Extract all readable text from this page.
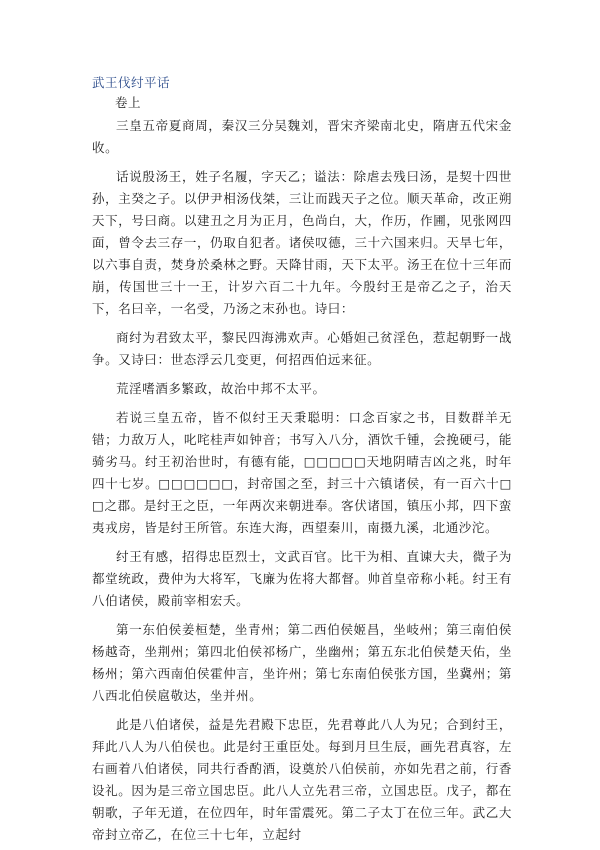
武王伐纣平话
卷上

三皇五帝夏商周，秦汉三分吴魏刘，晋宋齐梁南北史，隋唐五代宋金收。

话说殷汤王，姓子名履，字天乙；谥法：除虐去残曰汤，是契十四世孙，主癸之子。以伊尹相汤伐桀，三让而践天子之位。顺天革命，改正朔天下，号曰商。以建丑之月为正月，色尚白，大，作历，作圃，见张网四面，曾令去三存一，仍取自犯者。诸侯叹德，三十六国来归。天旱七年，以六事自责，焚身於桑林之野。天降甘雨，天下太平。汤王在位十三年而崩，传国世三十一王，计岁六百二十九年。今殷纣王是帝乙之子，治天下，名曰辛，一名受，乃汤之末孙也。诗曰：

商纣为君致太平，黎民四海沸欢声。心婚妲己贫淫色，惹起朝野一战争。又诗曰：世态浮云几变更，何招西伯远来征。

荒淫嗜酒多繁政，故治中邦不太平。

若说三皇五帝，皆不似纣王天秉聪明：口念百家之书，目数群羊无错；力敌万人，叱咤桂声如钟音；书写入八分，酒饮千锺，会挽硬弓，能骑劣马。纣王初治世时，有德有能，□□□□□天地阴晴吉凶之兆，时年四十七岁。□□□□□□，封帝国之至，封三十六镇诸侯，有一百六十□□之郡。是纣王之臣，一年两次来朝进奉。客伏诸国，镇压小邦，四下蛮夷戎房，皆是纣王所管。东连大海，西望秦川，南摄九溪，北通沙沱。

纣王有感，招得忠臣烈士，文武百官。比干为相、直谏大夫，微子为都堂统政，费仲为大将军，飞廉为佐将大都督。帅首皇帝称小耗。纣王有八伯诸侯，殿前宰相宏夭。

第一东伯侯姜桓楚，坐青州；第二西伯侯姬昌，坐岐州；第三南伯侯杨越奇，坐荆州；第四北伯侯祁杨广，坐幽州；第五东北伯侯楚天佑，坐杨州；第六西南伯侯霍仲言，坐许州；第七东南伯侯张方国，坐冀州；第八西北伯侯扈敬达，坐并州。

此是八伯诸侯，益是先君殿下忠臣，先君尊此八人为兄；合到纣王，拜此八人为八伯侯也。此是纣王重臣处。每到月旦生辰，画先君真容，左右画着八伯诸侯，同共行香酌酒，设奠於八伯侯前，亦如先君之前，行香设礼。因为是三帝立国忠臣。此八人立先君三帝，立国忠臣。戊子，都在朝歌，子年无道，在位四年，时年雷震死。第二子太丁在位三年。武乙大帝封立帝乙，在位三十七年，立起纣
